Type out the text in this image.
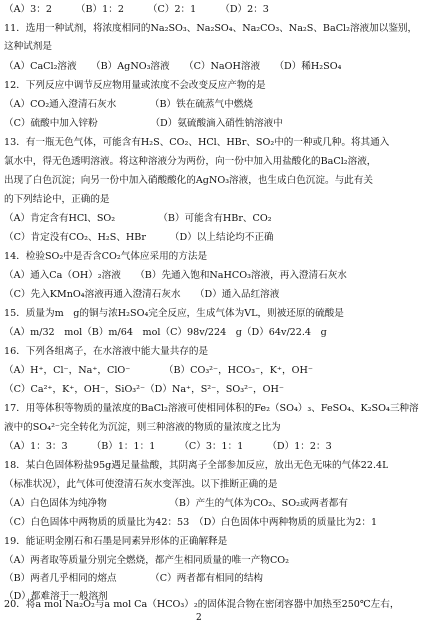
（A）3：2　　　（B）1：2　　　（C）2：1　　　（D）2：3
11．选用一种试剂，将浓度相同的Na₂SO₃、Na₂SO₄、Na₂CO₃、Na₂S、BaCl₂溶液加以鉴别，
这种试剂是
（A）CaCl₂溶液　　（B）AgNO₃溶液　　（C）NaOH溶液　　（D）稀H₂SO₄
12．下列反应中调节反应物用量或浓度不会改变反应产物的是
（A）CO₂通入澄清石灰水　　　　（B）铁在硫蒸气中燃烧
（C）硫酸中加入锌粉　　　　　　（D）氨硫酸滴入硝性钠溶液中
13．有一瓶无色气体，可能含有H₂S、CO₂、HCl、HBr、SO₂中的一种或几种。将其通入
氯水中，得无色透明溶液。将这种溶液分为两份，向一份中加入用盐酸化的BaCl₂溶液，
出现了白色沉淀；向另一份中加入硝酸酸化的AgNO₃溶液，也生成白色沉淀。与此有关
的下列结论中，正确的是
（A）肯定含有HCl、SO₂　　　　　（B）可能含有HBr、CO₂
（C）肯定没有CO₂、H₂S、HBr　　　（D）以上结论均不正确
14．检验SO₂中是否含CO₂气体应采用的方法是
（A）通入Ca（OH）₂溶液　　（B）先通入饱和NaHCO₃溶液，再入澄清石灰水
（C）先入KMnO₄溶液再通入澄清石灰水　　（D）通入品红溶液
15．质量为m　g的铜与浓H₂SO₄完全反应，生成气体为VL，则被还原的硫酸是
（A）m/32　mol（B）m/64　mol（C）98v/224　g（D）64v/22.4　g
16．下列各组离子，在水溶液中能大量共存的是
（A）H⁺，Cl⁻，Na⁺，ClO⁻　　　　（B）CO₃²⁻，HCO₃⁻，K⁺，OH⁻
（C）Ca²⁺，K⁺，OH⁻，SiO₃²⁻（D）Na⁺，S²⁻，SO₃²⁻，OH⁻
17．用等体积等物质的量浓度的BaCl₂溶液可使相同体积的Fe₂（SO₄）₃、FeSO₄、K₂SO₄三种溶
液中的SO₄²⁻完全转化为沉淀，则三种溶液的物质的量浓度之比为
（A）1：3：3　　　（B）1：1：1　　　（C）3：1：1　　　（D）1：2：3
18．某白色固体粉盐95g遇足量盐酸，其阴离子全部参加反应，放出无色无味的气体22.4L
（标准状况），此气体可使澄清石灰水变浑浊。以下推断正确的是
（A）白色固体为纯净物　　　　　　　（B）产生的气体为CO₂、SO₂或两者都有
（C）白色固体中两物质的质量比为42：53　（D）白色固体中两种物质的质量比为2：1
19．能证明金刚石和石墨是同素异形体的正确解释是
（A）两者取等质量分别完全燃烧，都产生相同质量的唯一产物CO₂
（B）两者几乎相同的熔点　　　　（C）两者都有相同的结构
（D）都难溶于一般溶剂
20．将a mol Na₂O₂与a mol Ca（HCO₃）₂的固体混合物在密闭容器中加热至250℃左右，
2
